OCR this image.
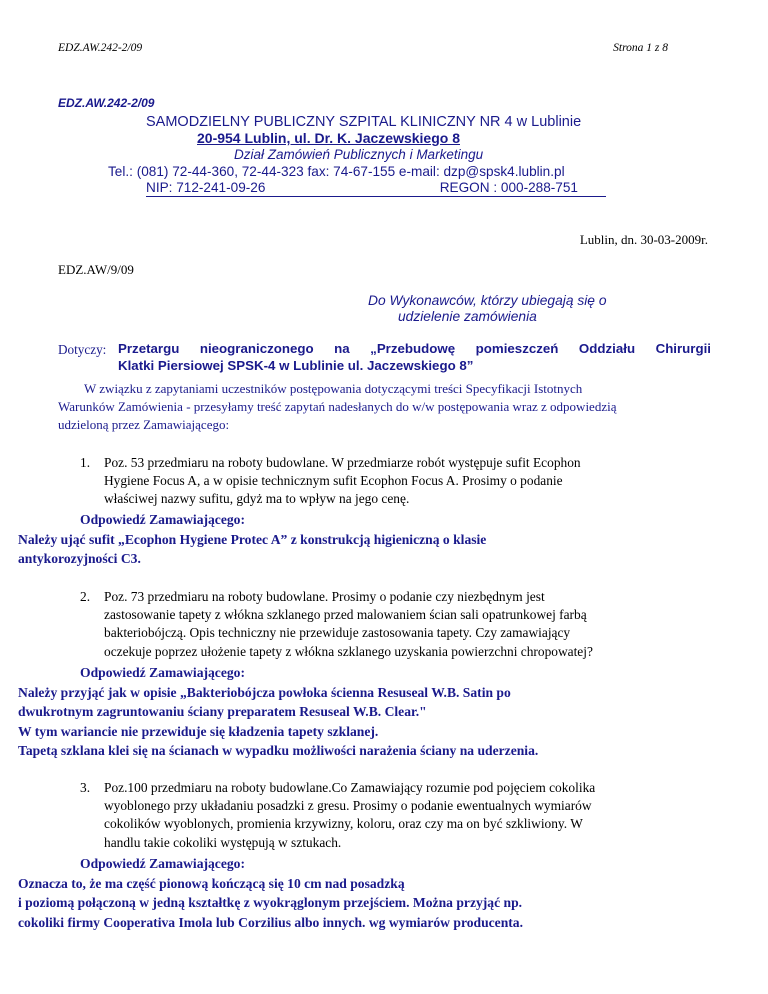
EDZ.AW.242-2/09	Strona 1 z 8
EDZ.AW.242-2/09
SAMODZIELNY PUBLICZNY SZPITAL KLINICZNY NR 4 w Lublinie
20-954 Lublin, ul. Dr. K. Jaczewskiego 8
Dział Zamówień Publicznych i Marketingu
Tel.: (081) 72-44-360, 72-44-323 fax: 74-67-155 e-mail: dzp@spsk4.lublin.pl
NIP: 712-241-09-26	REGON : 000-288-751
Lublin, dn. 30-03-2009r.
EDZ.AW/9/09
Do Wykonawców, którzy ubiegają się o
udzielenie zamówienia
Dotyczy: Przetargu nieograniczonego na „Przebudowę pomieszczeń Oddziału Chirurgii
Klatki Piersiowej SPSK-4 w Lublinie ul. Jaczewskiego 8”
W związku z zapytaniami uczestników postępowania dotyczącymi treści Specyfikacji Istotnych
Warunków Zamówienia - przesyłamy treść zapytań nadesłanych do w/w postępowania wraz z odpowiedzią
udzieloną przez Zamawiającego:
1. Poz. 53 przedmiaru na roboty budowlane. W przedmiarze robót występuje sufit Ecophon
Hygiene Focus A, a w opisie technicznym sufit Ecophon Focus A. Prosimy o podanie
właściwej nazwy sufitu, gdyż ma to wpływ na jego cenę.
Odpowiedź Zamawiającego:
Należy ująć sufit „Ecophon Hygiene Protec A” z konstrukcją higieniczną o klasie
antykorozyjności C3.
2. Poz. 73 przedmiaru na roboty budowlane. Prosimy o podanie czy niezbędnym jest
zastosowanie tapety z włókna szklanego przed malowaniem ścian sali opatrunkowej farbą
bakteriobójczą. Opis techniczny nie przewiduje zastosowania tapety. Czy zamawiający
oczekuje poprzez ułożenie tapety z włókna szklanego uzyskania powierzchni chropowatej?
Odpowiedź Zamawiającego:
Należy przyjąć jak w opisie „Bakteriobójcza powłoka ścienna Resuseal W.B. Satin po
dwukrotnym zagruntowaniu ściany preparatem Resuseal W.B. Clear."
W tym wariancie nie przewiduje się kładzenia tapety szklanej.
Tapetą szklana klei się na ścianach w wypadku możliwości narażenia ściany na uderzenia.
3. Poz.100 przedmiaru na roboty budowlane.Co Zamawiający rozumie pod pojęciem cokolika
wyoblonego przy układaniu posadzki z gresu. Prosimy o podanie ewentualnych wymiarów
cokolików wyoblonych, promienia krzywizny, koloru, oraz czy ma on być szkliwiony. W
handlu takie cokoliki występują w sztukach.
Odpowiedź Zamawiającego:
Oznacza to, że ma część pionową kończącą się 10 cm nad posadzką
i poziomą połączoną w jedną kształtkę z wyokrąglonym przejściem. Można przyjąć np.
cokoliki firmy Cooperativa Imola lub Corzilius albo innych. wg wymiarów producenta.
